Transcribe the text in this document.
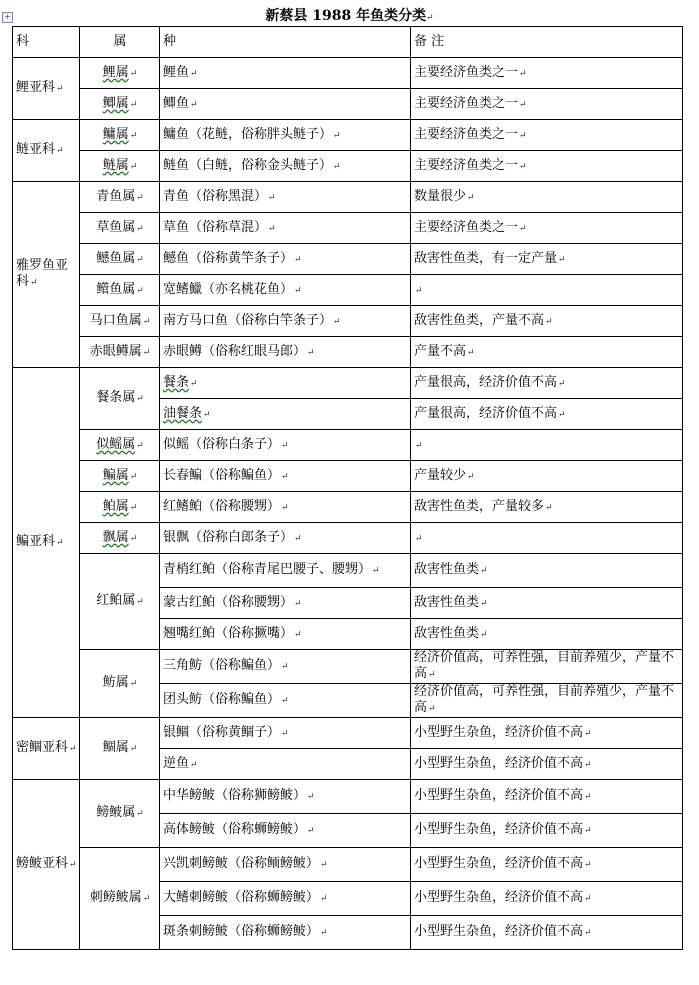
+	新蔡县 1988 年鱼类分类↵
科	属	种	备 注
鲤亚科↵	鲤属↵	鲤鱼↵	主要经济鱼类之一↵
	鲫属↵	鲫鱼↵	主要经济鱼类之一↵
鲢亚科↵	鳙属↵	鳙鱼（花鲢，俗称胖头鲢子）↵	主要经济鱼类之一↵
	鲢属↵	鲢鱼（白鲢，俗称金头鲢子）↵	主要经济鱼类之一↵
雅罗鱼亚科↵	青鱼属↵	青鱼（俗称黑混）↵	数量很少↵
	草鱼属↵	草鱼（俗称草混）↵	主要经济鱼类之一↵
	鳡鱼属↵	鳡鱼（俗称黄竿条子）↵	敌害性鱼类，有一定产量↵
	鳤鱼属↵	宽鳍鱲（亦名桃花鱼）↵	↵
	马口鱼属↵	南方马口鱼（俗称白竿条子）↵	敌害性鱼类，产量不高↵
	赤眼鳟属↵	赤眼鳟（俗称红眼马郎）↵	产量不高↵
鳊亚科↵	餐条属↵	餐条↵	产量很高，经济价值不高↵
		油餐条↵	产量很高，经济价值不高↵
	似鳐属↵	似鳐（俗称白条子）↵	↵
	鳊属↵	长春鳊（俗称鳊鱼）↵	产量较少↵
	鲌属↵	红鳍鲌（俗称腰甥）↵	敌害性鱼类，产量较多↵
	飘属↵	银飘（俗称白郎条子）↵	↵
	红鲌属↵	青梢红鲌（俗称青尾巴腰子、腰甥）↵	敌害性鱼类↵
		蒙古红鲌（俗称腰甥）↵	敌害性鱼类↵
		翘嘴红鲌（俗称撅嘴）↵	敌害性鱼类↵
	鲂属↵	三角鲂（俗称鳊鱼）↵	经济价值高，可养性强，目前养殖少，产量不高↵
		团头鲂（俗称鳊鱼）↵	经济价值高，可养性强，目前养殖少，产量不高↵
密鲴亚科↵	鲴属↵	银鲴（俗称黄鲴子）↵	小型野生杂鱼，经济价值不高↵
		逆鱼↵	小型野生杂鱼，经济价值不高↵
鳑鲏亚科↵	鳑鲏属↵	中华鳑鲏（俗称狮鳑鲏）↵	小型野生杂鱼，经济价值不高↵
		高体鳑鲏（俗称蛳鳑鲏）↵	小型野生杂鱼，经济价值不高↵
	刺鳑鲏属↵	兴凯刺鳑鲏（俗称鲕鳑鲏）↵	小型野生杂鱼，经济价值不高↵
		大鳍刺鳑鲏（俗称蛳鳑鲏）↵	小型野生杂鱼，经济价值不高↵
		斑条刺鳑鲏（俗称蛳鳑鲏）↵	小型野生杂鱼，经济价值不高↵
